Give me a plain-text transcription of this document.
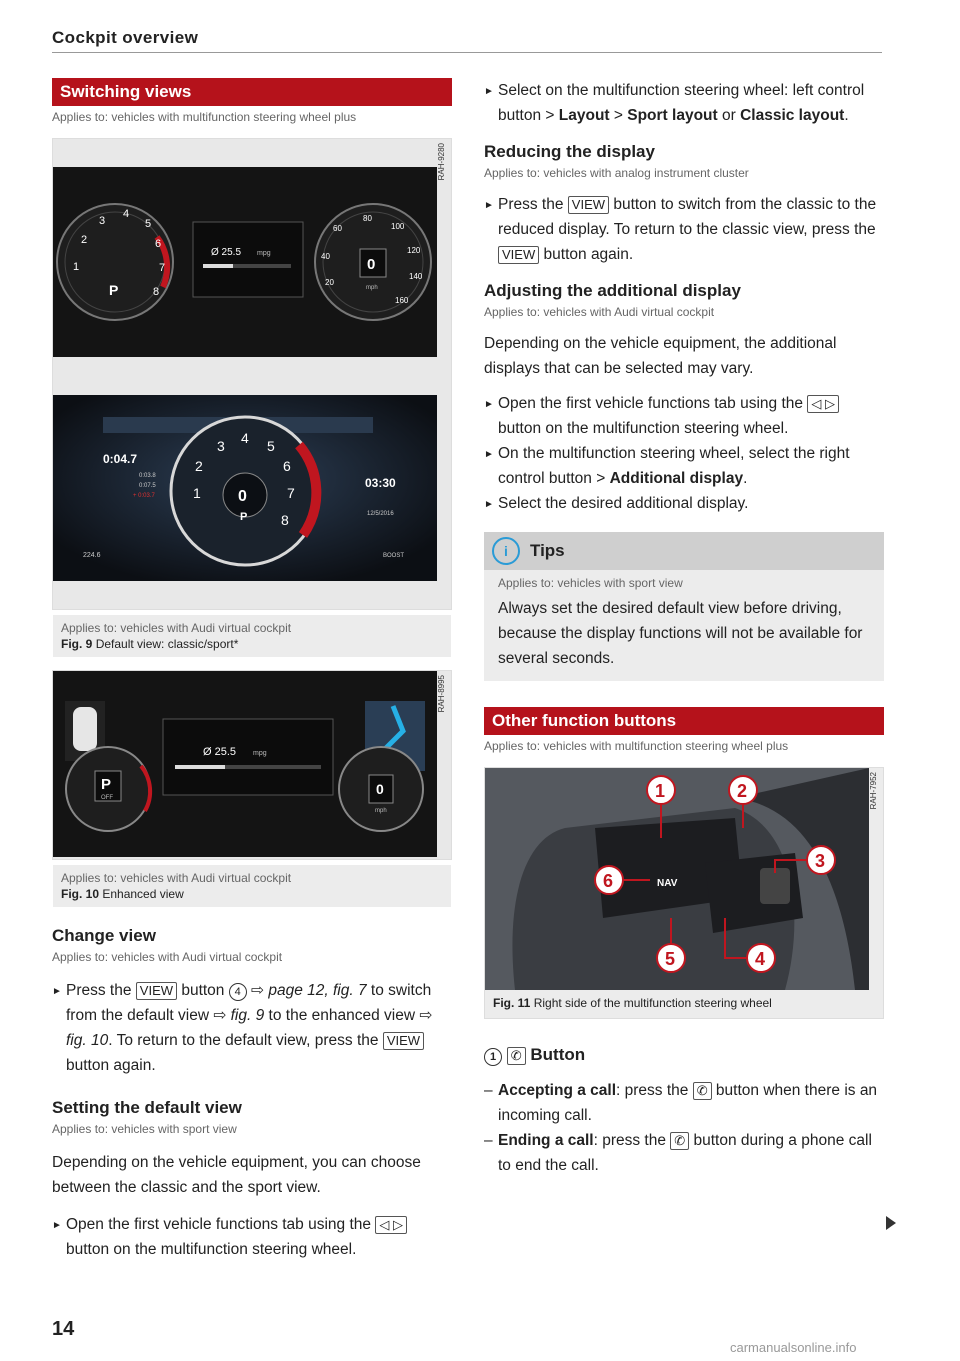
Cockpit overview
Switching views
Applies to: vehicles with multifunction steering wheel plus
RAH-9280
1
2
3
4
5
6
7
8
P
Ø 25.5 mpg
20
40
60
80
100
120
140
160
0
mph
0:04.7
0:03.8
0:07.5
+ 0:03.7	1
2
3 4 5
6
7
8
0
P
03:30
12/5/2016
224.6	BOOST
Applies to: vehicles with Audi virtual cockpit
Fig. 9 Default view: classic/sport*
RAH-8995
P
OFF
Ø 25.5 mpg
0
mph
Applies to: vehicles with Audi virtual cockpit
Fig. 10 Enhanced view
Change view
Applies to: vehicles with Audi virtual cockpit

► Press the VIEW button 4 ⇨ page 12, fig. 7 to switch from the default view ⇨ fig. 9 to the enhanced view ⇨ fig. 10. To return to the default view, press the VIEW button again.

Setting the default view
Applies to: vehicles with sport view

Depending on the vehicle equipment, you can choose between the classic and the sport view.

► Open the first vehicle functions tab using the ◁ ▷ button on the multifunction steering wheel.

► Select on the multifunction steering wheel: left control button > Layout > Sport layout or Classic layout.

Reducing the display
Applies to: vehicles with analog instrument cluster

► Press the VIEW button to switch from the classic to the reduced display. To return to the classic view, press the VIEW button again.

Adjusting the additional display
Applies to: vehicles with Audi virtual cockpit

Depending on the vehicle equipment, the additional displays that can be selected may vary.

► Open the first vehicle functions tab using the ◁ ▷ button on the multifunction steering wheel.

► On the multifunction steering wheel, select the right control button > Additional display.

► Select the desired additional display.

i	Tips
Applies to: vehicles with sport view

Always set the desired default view before driving, because the display functions will not be available for several seconds.

Other function buttons
Applies to: vehicles with multifunction steering wheel plus
RAH-7952
NAV
1	2
3
4
5
6
Fig. 11 Right side of the multifunction steering wheel
1 ✆ Button

– Accepting a call: press the ✆ button when there is an incoming call.

– Ending a call: press the ✆ button during a phone call to end the call.

14
carmanualsonline.info
